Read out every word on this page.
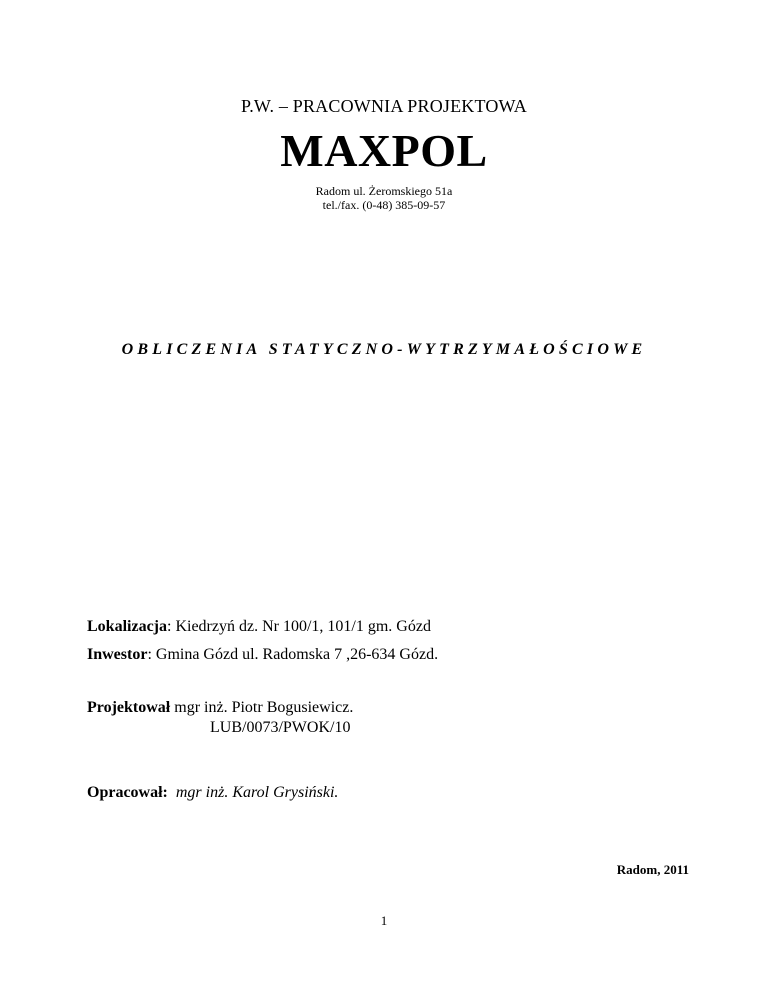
P.W. – PRACOWNIA PROJEKTOWA
MAXPOL
Radom ul. Żeromskiego 51a
tel./fax. (0-48) 385-09-57
OBLICZENIA STATYCZNO-WYTRZYMAŁOŚCIOWE
Lokalizacja: Kiedrzyń dz. Nr 100/1, 101/1 gm. Gózd
Inwestor: Gmina Gózd ul. Radomska 7 ,26-634 Gózd.
Projektował mgr inż. Piotr Bogusiewicz.
LUB/0073/PWOK/10
Opracował: mgr inż. Karol Grysiński.
Radom, 2011
1
